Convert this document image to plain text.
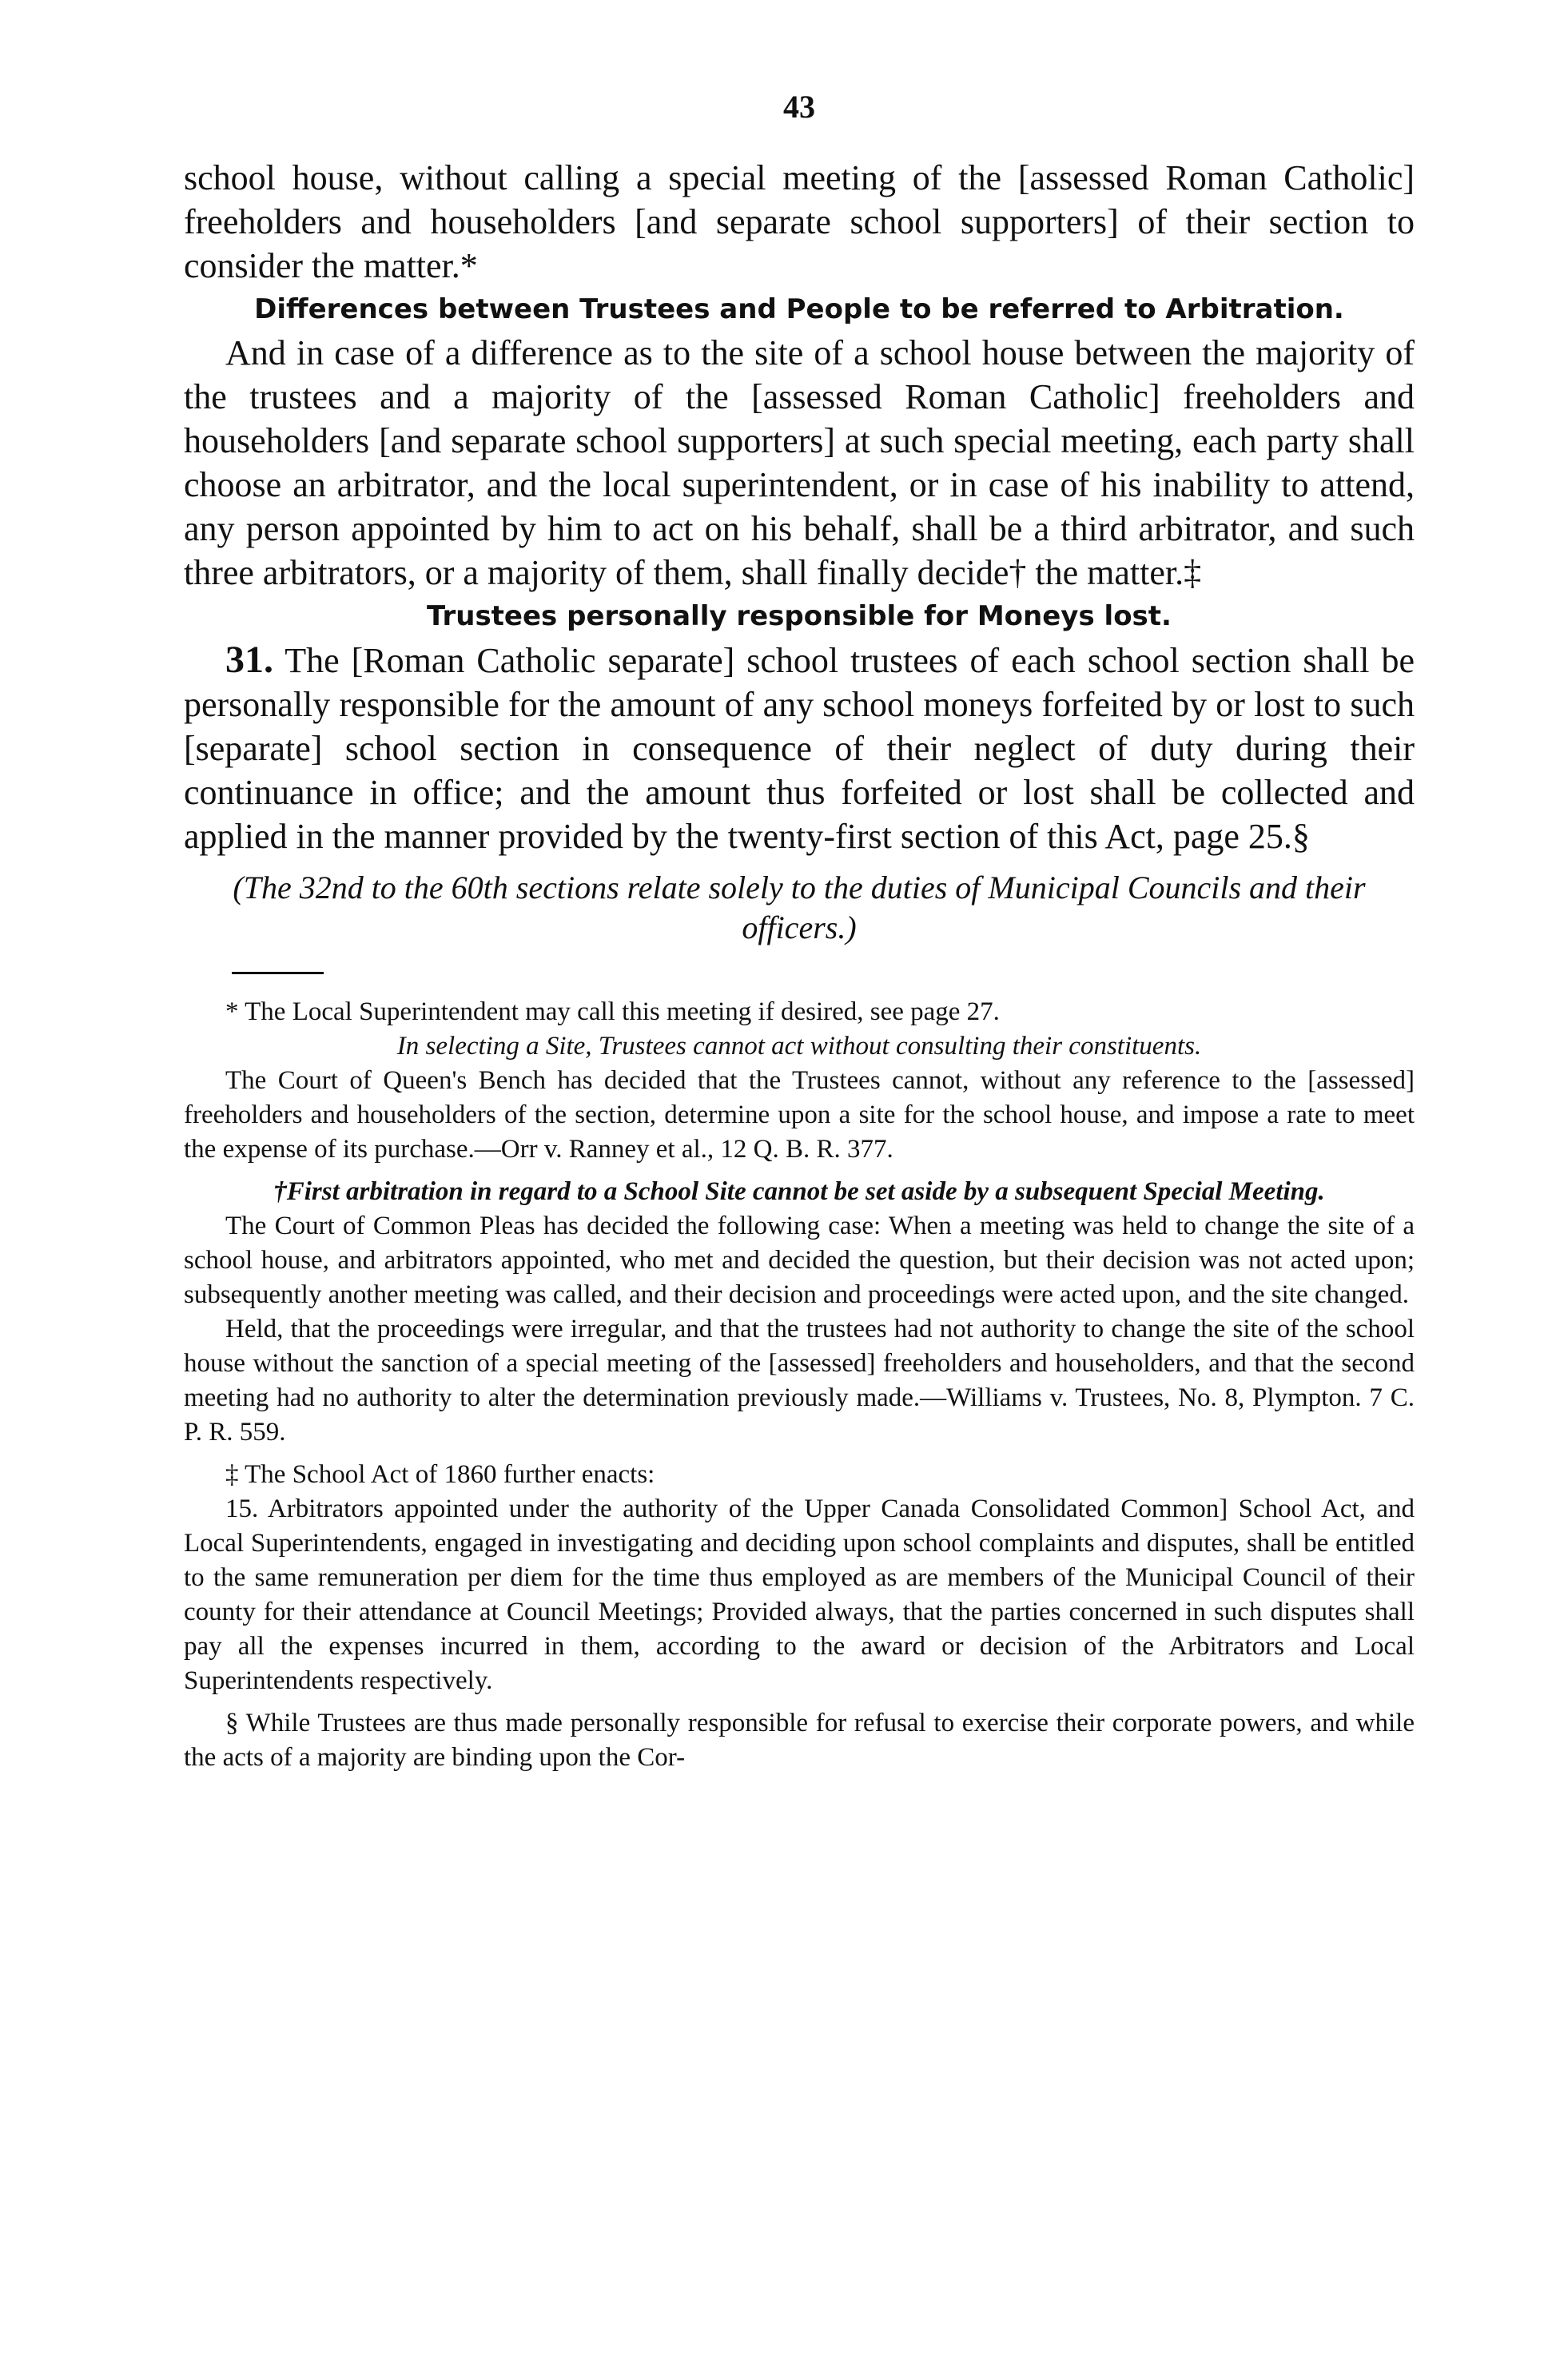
43

school house, without calling a special meeting of the [assessed Roman Catholic] freeholders and householders [and separate school supporters] of their section to consider the matter.*

Differences between Trustees and People to be referred to Arbitration.

And in case of a difference as to the site of a school house between the majority of the trustees and a majority of the [assessed Roman Catholic] freeholders and householders [and separate school supporters] at such special meeting, each party shall choose an arbitrator, and the local superintendent, or in case of his inability to attend, any person appointed by him to act on his behalf, shall be a third arbitrator, and such three arbitrators, or a majority of them, shall finally decide† the matter.‡

Trustees personally responsible for Moneys lost.

31. The [Roman Catholic separate] school trustees of each school section shall be personally responsible for the amount of any school moneys forfeited by or lost to such [separate] school section in consequence of their neglect of duty during their continuance in office; and the amount thus forfeited or lost shall be collected and applied in the manner provided by the twenty-first section of this Act, page 25.§

(The 32nd to the 60th sections relate solely to the duties of Municipal Councils and their officers.)

* The Local Superintendent may call this meeting if desired, see page 27.

In selecting a Site, Trustees cannot act without consulting their constituents.

The Court of Queen's Bench has decided that the Trustees cannot, without any reference to the [assessed] freeholders and householders of the section, determine upon a site for the school house, and impose a rate to meet the expense of its purchase.—Orr v. Ranney et al., 12 Q. B. R. 377.

†First arbitration in regard to a School Site cannot be set aside by a subsequent Special Meeting.

The Court of Common Pleas has decided the following case: When a meeting was held to change the site of a school house, and arbitrators appointed, who met and decided the question, but their decision was not acted upon; subsequently another meeting was called, and their decision and proceedings were acted upon, and the site changed.

Held, that the proceedings were irregular, and that the trustees had not authority to change the site of the school house without the sanction of a special meeting of the [assessed] freeholders and householders, and that the second meeting had no authority to alter the determination previously made.—Williams v. Trustees, No. 8, Plympton. 7 C. P. R. 559.

‡ The School Act of 1860 further enacts:

15. Arbitrators appointed under the authority of the Upper Canada Consolidated Common] School Act, and Local Superintendents, engaged in investigating and deciding upon school complaints and disputes, shall be entitled to the same remuneration per diem for the time thus employed as are members of the Municipal Council of their county for their attendance at Council Meetings; Provided always, that the parties concerned in such disputes shall pay all the expenses incurred in them, according to the award or decision of the Arbitrators and Local Superintendents respectively.

§ While Trustees are thus made personally responsible for refusal to exercise their corporate powers, and while the acts of a majority are binding upon the Cor-
